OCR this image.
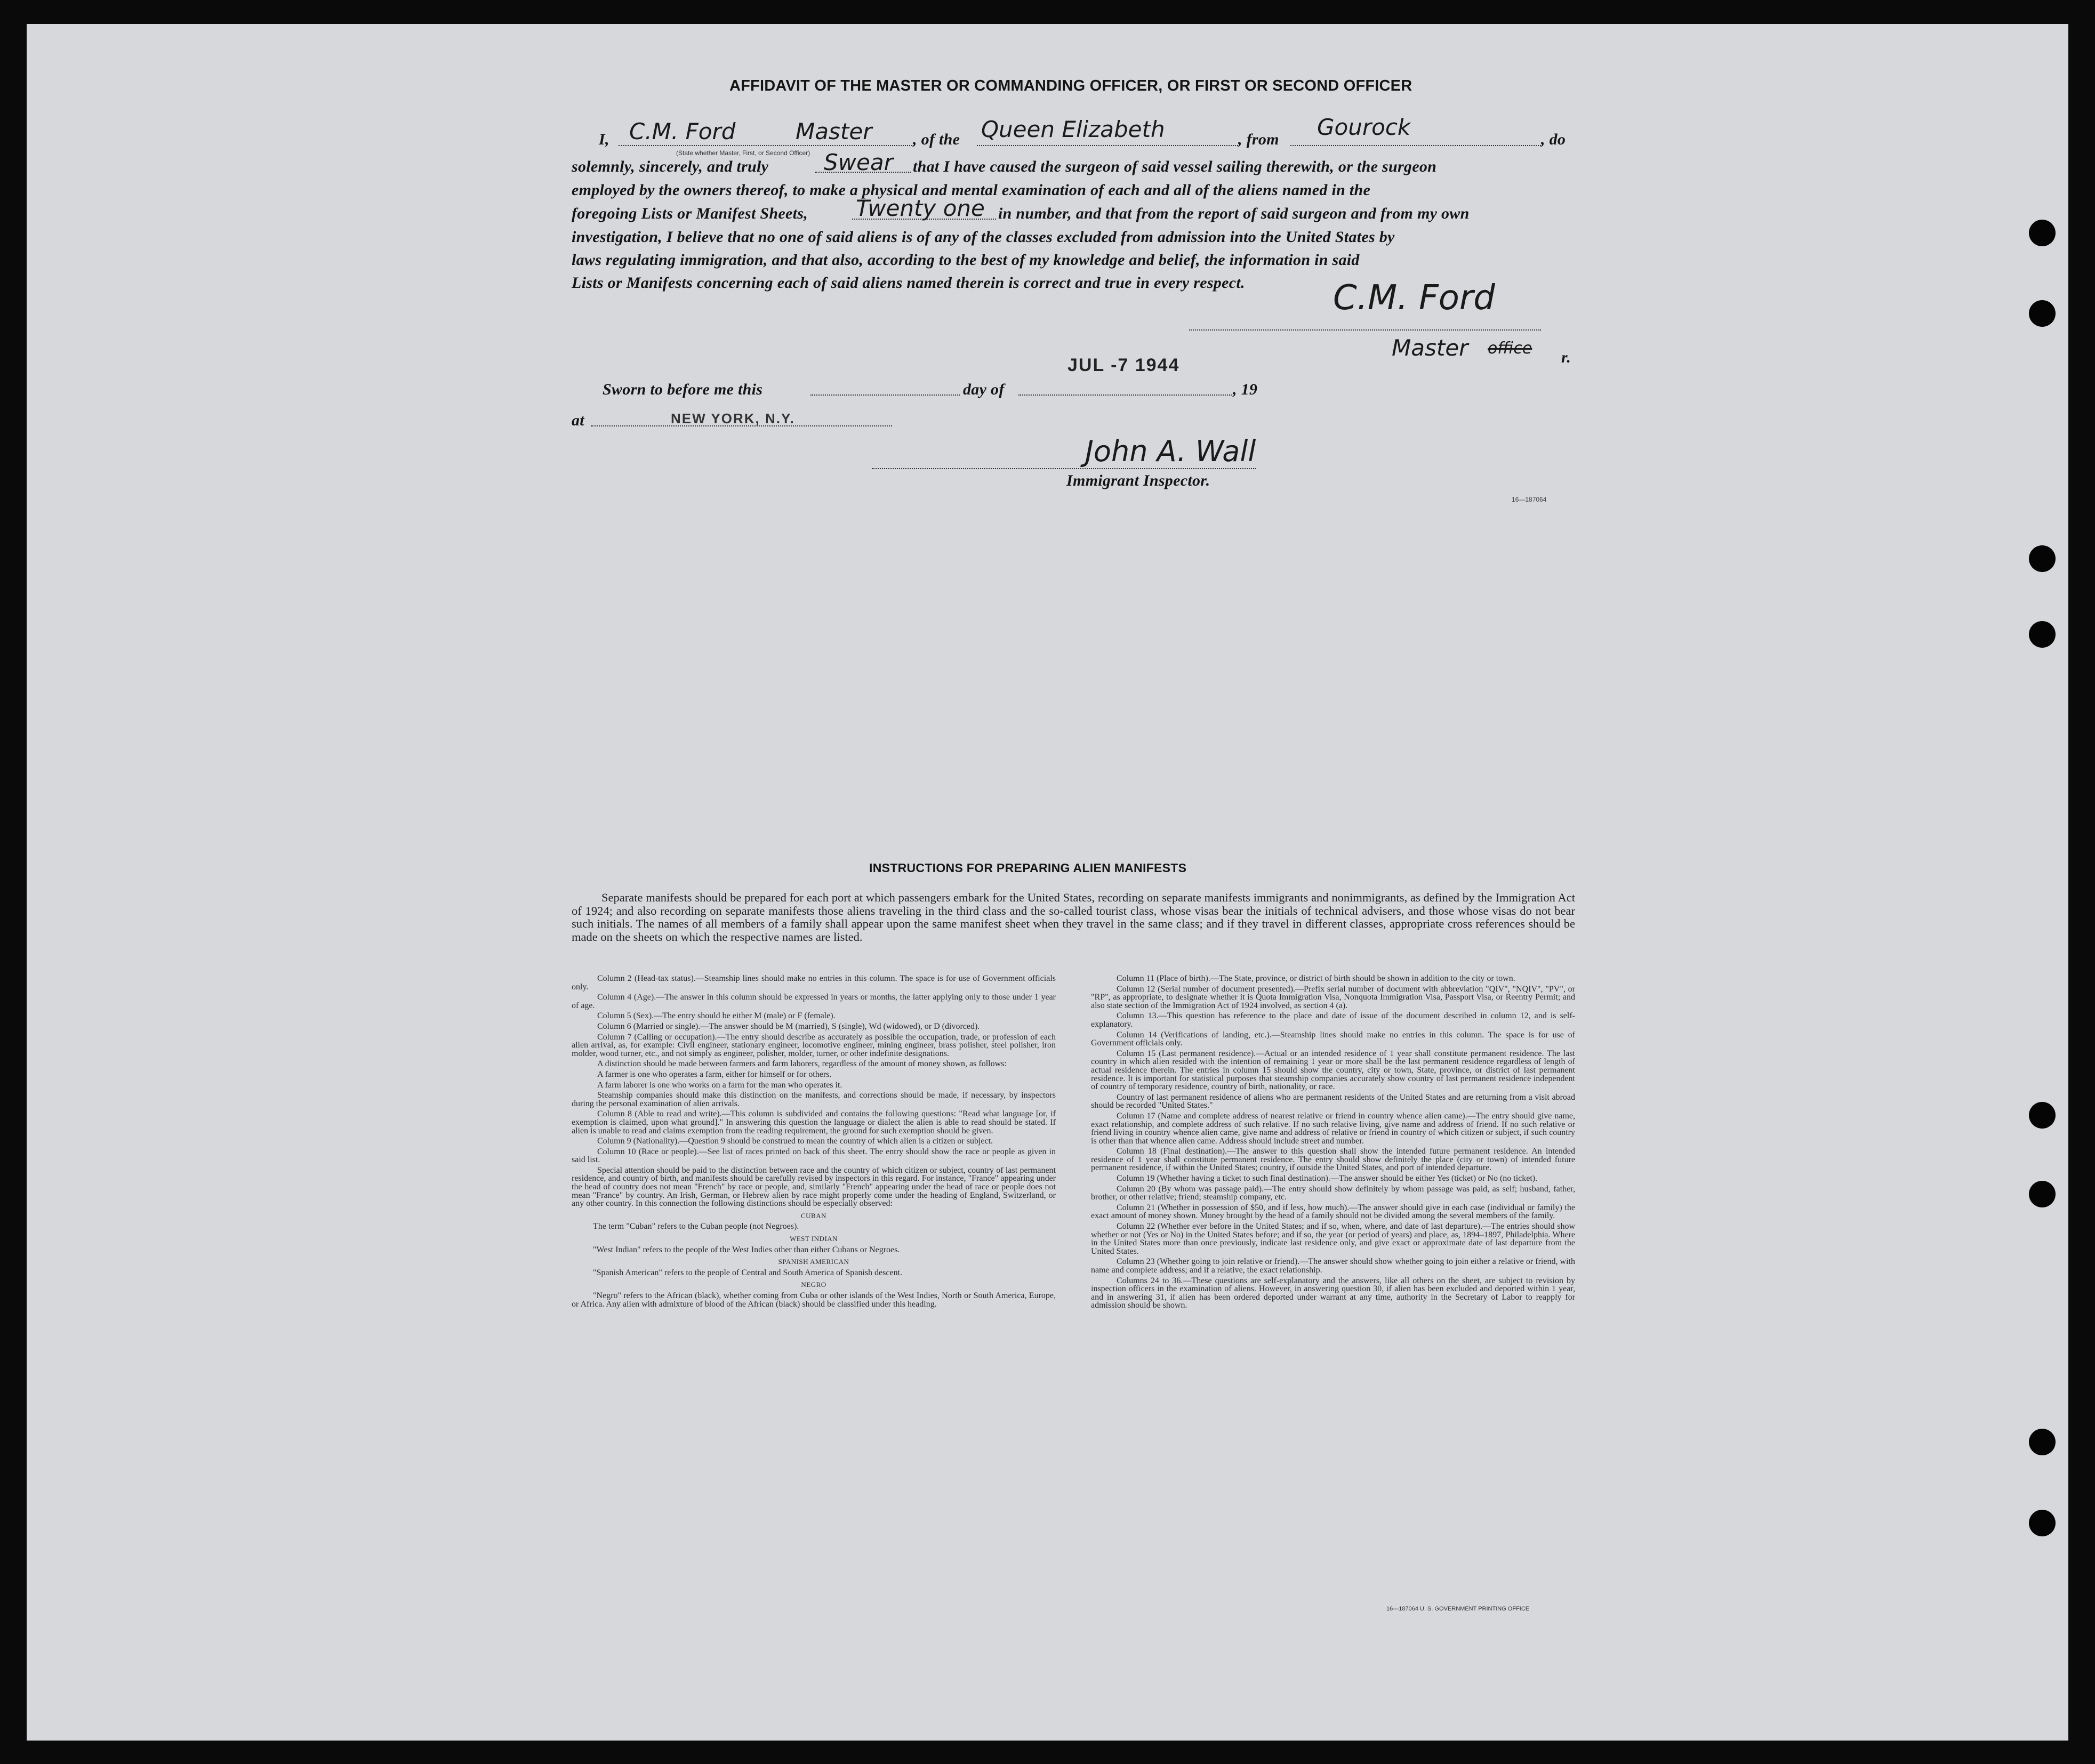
AFFIDAVIT OF THE MASTER OR COMMANDING OFFICER, OR FIRST OR SECOND OFFICER
I, C.M. Ford	Master
(State whether Master, First, or Second Officer)
, of the Queen Elizabeth	, from Gourock	, do
solemnly, sincerely, and truly Swear that I have caused the surgeon of said vessel sailing therewith, or the surgeon
employed by the owners thereof, to make a physical and mental examination of each and all of the aliens named in the
foregoing Lists or Manifest Sheets, Twenty one in number, and that from the report of said surgeon and from my own
investigation, I believe that no one of said aliens is of any of the classes excluded from admission into the United States by
laws regulating immigration, and that also, according to the best of my knowledge and belief, the information in said
Lists or Manifests concerning each of said aliens named therein is correct and true in every respect.	C.M. Ford
Master office r.
Sworn to before me this	day of
JUL -7 1944
, 19
at	NEW YORK, N.Y.
John A. Wall
Immigrant Inspector.
16—187064
INSTRUCTIONS FOR PREPARING ALIEN MANIFESTS
Separate manifests should be prepared for each port at which passengers embark for the United States, recording on separate manifests immigrants and nonimmigrants, as defined by the Immigration Act of 1924; and also recording on separate manifests those aliens traveling in the third class and the so-called tourist class, whose visas bear the initials of technical advisers, and those whose visas do not bear such initials. The names of all members of a family shall appear upon the same manifest sheet when they travel in the same class; and if they travel in different classes, appropriate cross references should be made on the sheets on which the respective names are listed.

Column 2 (Head-tax status).—Steamship lines should make no entries in this column. The space is for use of Government officials only.

Column 4 (Age).—The answer in this column should be expressed in years or months, the latter applying only to those under 1 year of age.

Column 5 (Sex).—The entry should be either M (male) or F (female).

Column 6 (Married or single).—The answer should be M (married), S (single), Wd (widowed), or D (divorced).

Column 7 (Calling or occupation).—The entry should describe as accurately as possible the occupation, trade, or profession of each alien arrival, as, for example: Civil engineer, stationary engineer, locomotive engineer, mining engineer, brass polisher, steel polisher, iron molder, wood turner, etc., and not simply as engineer, polisher, molder, turner, or other indefinite designations.

A distinction should be made between farmers and farm laborers, regardless of the amount of money shown, as follows:

A farmer is one who operates a farm, either for himself or for others.

A farm laborer is one who works on a farm for the man who operates it.

Steamship companies should make this distinction on the manifests, and corrections should be made, if necessary, by inspectors during the personal examination of alien arrivals.

Column 8 (Able to read and write).—This column is subdivided and contains the following questions: "Read what language [or, if exemption is claimed, upon what ground]." In answering this question the language or dialect the alien is able to read should be stated. If alien is unable to read and claims exemption from the reading requirement, the ground for such exemption should be given.

Column 9 (Nationality).—Question 9 should be construed to mean the country of which alien is a citizen or subject.

Column 10 (Race or people).—See list of races printed on back of this sheet. The entry should show the race or people as given in said list.

Special attention should be paid to the distinction between race and the country of which citizen or subject, country of last permanent residence, and country of birth, and manifests should be carefully revised by inspectors in this regard. For instance, "France" appearing under the head of country does not mean "French" by race or people, and, similarly "French" appearing under the head of race or people does not mean "France" by country. An Irish, German, or Hebrew alien by race might properly come under the heading of England, Switzerland, or any other country. In this connection the following distinctions should be especially observed:

CUBAN

The term "Cuban" refers to the Cuban people (not Negroes).

WEST INDIAN

"West Indian" refers to the people of the West Indies other than either Cubans or Negroes.

SPANISH AMERICAN

"Spanish American" refers to the people of Central and South America of Spanish descent.

NEGRO

"Negro" refers to the African (black), whether coming from Cuba or other islands of the West Indies, North or South America, Europe, or Africa. Any alien with admixture of blood of the African (black) should be classified under this heading.

Column 11 (Place of birth).—The State, province, or district of birth should be shown in addition to the city or town.

Column 12 (Serial number of document presented).—Prefix serial number of document with abbreviation "QIV", "NQIV", "PV", or "RP", as appropriate, to designate whether it is Quota Immigration Visa, Nonquota Immigration Visa, Passport Visa, or Reentry Permit; and also state section of the Immigration Act of 1924 involved, as section 4 (a).

Column 13.—This question has reference to the place and date of issue of the document described in column 12, and is self-explanatory.

Column 14 (Verifications of landing, etc.).—Steamship lines should make no entries in this column. The space is for use of Government officials only.

Column 15 (Last permanent residence).—Actual or an intended residence of 1 year shall constitute permanent residence. The last country in which alien resided with the intention of remaining 1 year or more shall be the last permanent residence regardless of length of actual residence therein. The entries in column 15 should show the country, city or town, State, province, or district of last permanent residence. It is important for statistical purposes that steamship companies accurately show country of last permanent residence independent of country of temporary residence, country of birth, nationality, or race.

Country of last permanent residence of aliens who are permanent residents of the United States and are returning from a visit abroad should be recorded "United States."

Column 17 (Name and complete address of nearest relative or friend in country whence alien came).—The entry should give name, exact relationship, and complete address of such relative. If no such relative living, give name and address of friend. If no such relative or friend living in country whence alien came, give name and address of relative or friend in country of which citizen or subject, if such country is other than that whence alien came. Address should include street and number.

Column 18 (Final destination).—The answer to this question shall show the intended future permanent residence. An intended residence of 1 year shall constitute permanent residence. The entry should show definitely the place (city or town) of intended future permanent residence, if within the United States; country, if outside the United States, and port of intended departure.

Column 19 (Whether having a ticket to such final destination).—The answer should be either Yes (ticket) or No (no ticket).

Column 20 (By whom was passage paid).—The entry should show definitely by whom passage was paid, as self; husband, father, brother, or other relative; friend; steamship company, etc.

Column 21 (Whether in possession of $50, and if less, how much).—The answer should give in each case (individual or family) the exact amount of money shown. Money brought by the head of a family should not be divided among the several members of the family.

Column 22 (Whether ever before in the United States; and if so, when, where, and date of last departure).—The entries should show whether or not (Yes or No) in the United States before; and if so, the year (or period of years) and place, as, 1894–1897, Philadelphia. Where in the United States more than once previously, indicate last residence only, and give exact or approximate date of last departure from the United States.

Column 23 (Whether going to join relative or friend).—The answer should show whether going to join either a relative or friend, with name and complete address; and if a relative, the exact relationship.

Columns 24 to 36.—These questions are self-explanatory and the answers, like all others on the sheet, are subject to revision by inspection officers in the examination of aliens. However, in answering question 30, if alien has been excluded and deported within 1 year, and in answering 31, if alien has been ordered deported under warrant at any time, authority in the Secretary of Labor to reapply for admission should be shown.

16—187064 U. S. GOVERNMENT PRINTING OFFICE
